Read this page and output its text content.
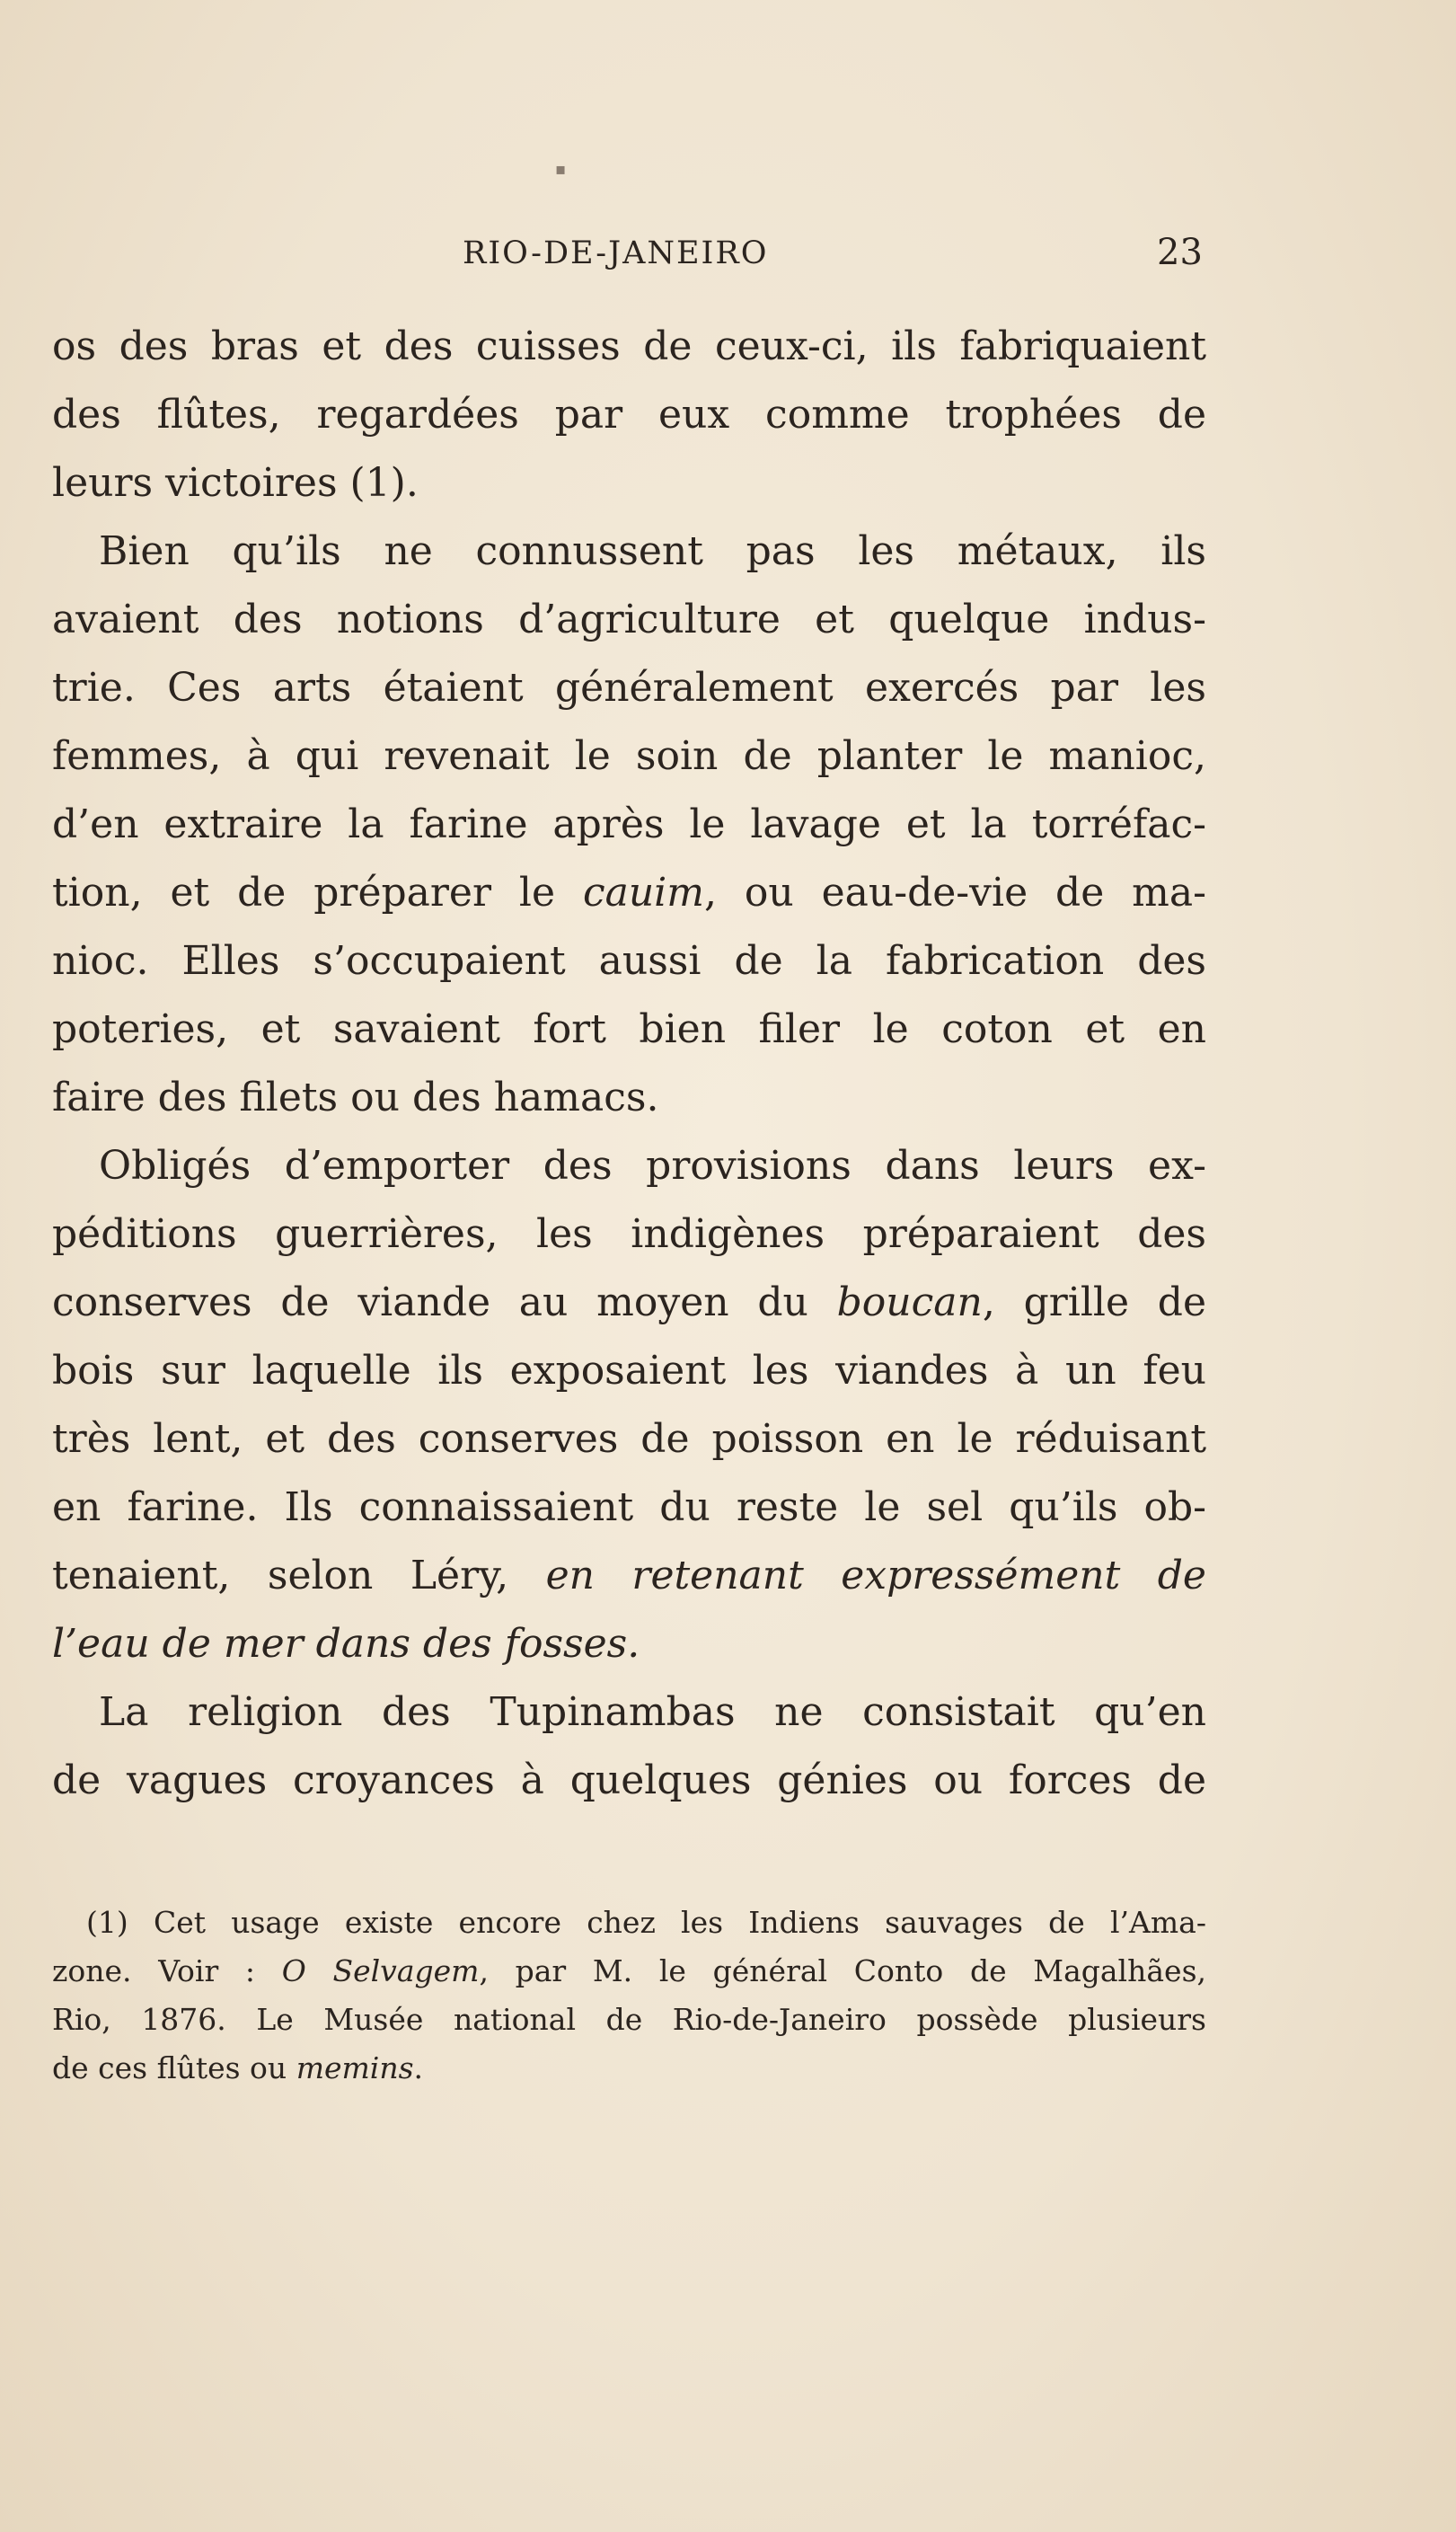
▪
RIO-DE-JANEIRO	23
os des bras et des cuisses de ceux-ci, ils fabriquaient
des flûtes, regardées par eux comme trophées de
leurs victoires (1).
Bien qu’ils ne connussent pas les métaux, ils
avaient des notions d’agriculture et quelque indus-
trie. Ces arts étaient généralement exercés par les
femmes, à qui revenait le soin de planter le manioc,
d’en extraire la farine après le lavage et la torréfac-
tion, et de préparer le cauim, ou eau-de-vie de ma-
nioc. Elles s’occupaient aussi de la fabrication des
poteries, et savaient fort bien filer le coton et en
faire des filets ou des hamacs.
Obligés d’emporter des provisions dans leurs ex-
péditions guerrières, les indigènes préparaient des
conserves de viande au moyen du boucan, grille de
bois sur laquelle ils exposaient les viandes à un feu
très lent, et des conserves de poisson en le réduisant
en farine. Ils connaissaient du reste le sel qu’ils ob-
tenaient, selon Léry, en retenant expressément de
l’eau de mer dans des fosses.
La religion des Tupinambas ne consistait qu’en
de vagues croyances à quelques génies ou forces de
(1) Cet usage existe encore chez les Indiens sauvages de l’Ama-
zone. Voir : O Selvagem, par M. le général Conto de Magalhães,
Rio, 1876. Le Musée national de Rio-de-Janeiro possède plusieurs
de ces flûtes ou memins.
